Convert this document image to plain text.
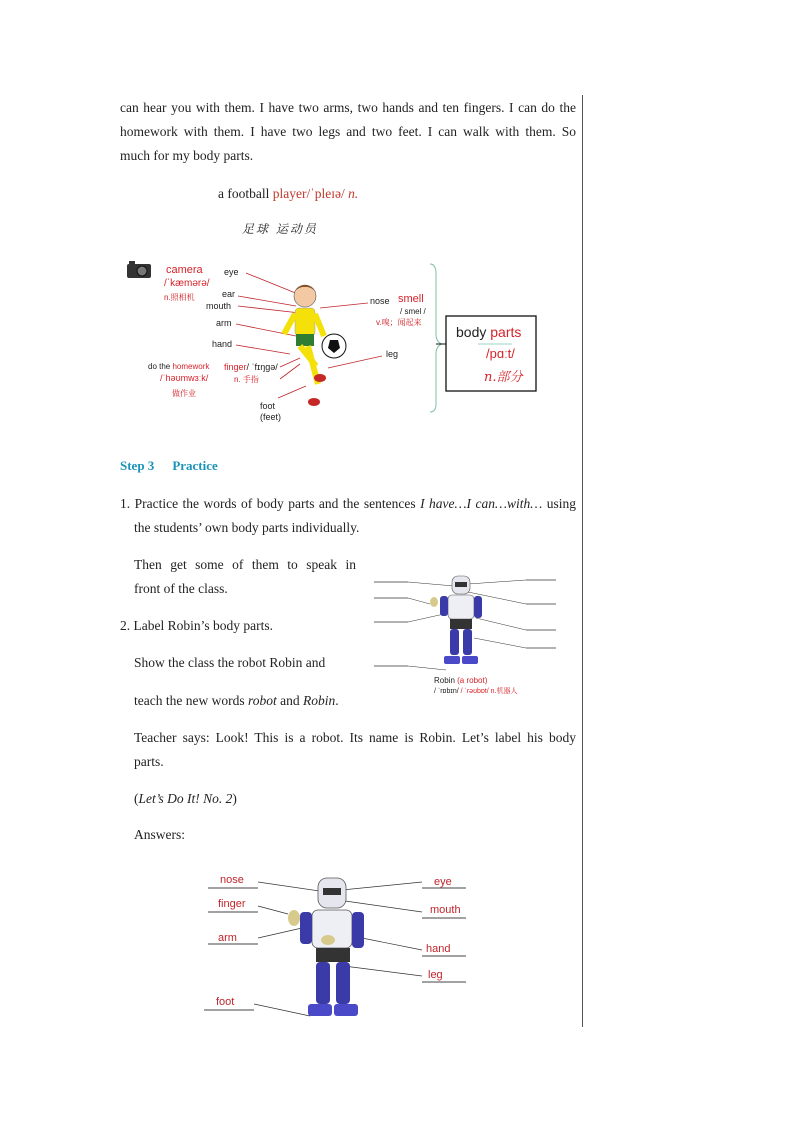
can hear you with them. I have two arms, two hands and ten fingers. I can do the
homework with them. I have two legs and two feet. I can walk with them. So
much for my body parts.
a football player/ˈpleɪə/ n.
足球 运动员
camera
/ˈkæmərə/
n.照相机
eye
ear
mouth
arm
hand
do the homework
/ˈhəʊmwɜːk/
做作业
finger/ ˈfɪŋɡə/
n. 手指
foot
(feet)
nose smell
/ smel /
v.嗅；闻起来
leg
body parts
/pɑːt/
n.部分
Step 3 Practice
1. Practice the words of body parts and the sentences I have…I can…with… using
the students’ own body parts individually.
Then get some of them to speak in
front of the class.
2. Label Robin’s body parts.
Show the class the robot Robin and
teach the new words robot and Robin.
Robin (a robot)
/ ˈrɒbɪn/ / ˈrəʊbɒt/ n.机器人
Teacher says: Look! This is a robot. Its name is Robin. Let’s label his body
parts.
(Let’s Do It! No. 2)
Answers:
nose
finger
arm
foot
eye
mouth
hand
leg
